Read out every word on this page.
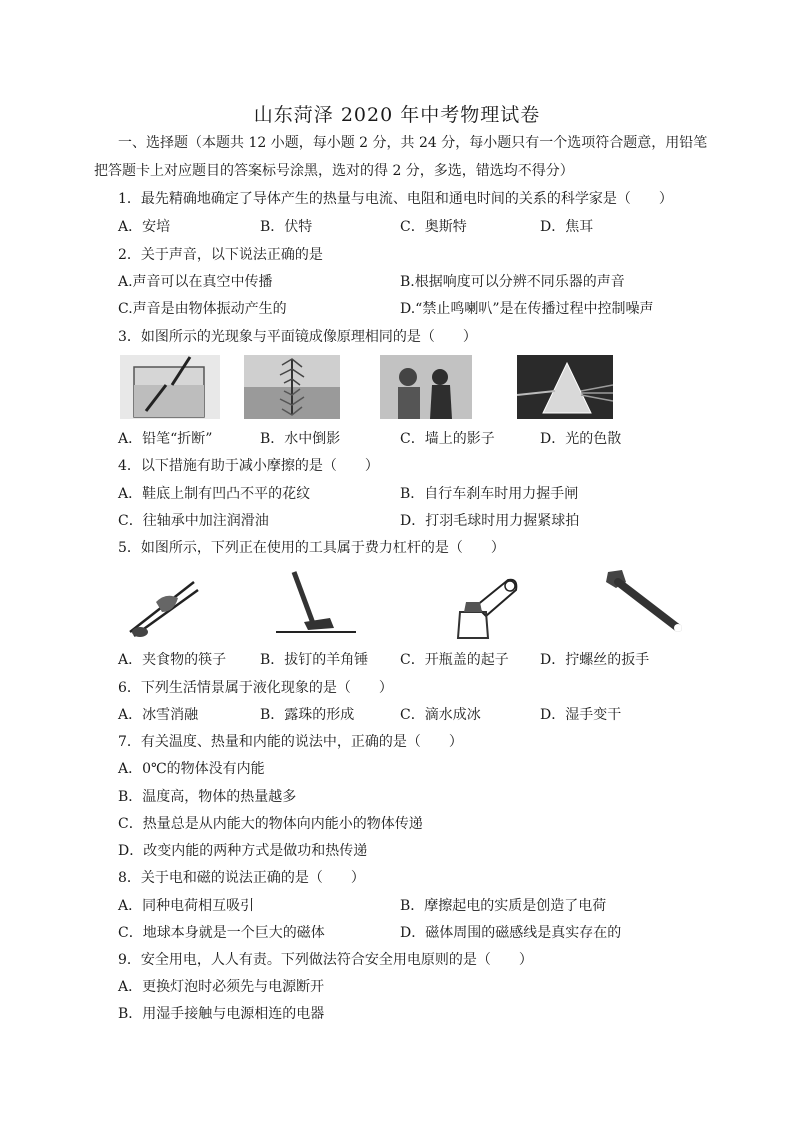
山东菏泽 2020 年中考物理试卷
一、选择题（本题共 12 小题，每小题 2 分，共 24 分，每小题只有一个选项符合题意，用铅笔
把答题卡上对应题目的答案标号涂黑，选对的得 2 分，多选，错选均不得分）
1．最先精确地确定了导体产生的热量与电流、电阻和通电时间的关系的科学家是（　　）
A．安培	B．伏特	C．奥斯特	D．焦耳
2．关于声音，以下说法正确的是
A.声音可以在真空中传播	B.根据响度可以分辨不同乐器的声音
C.声音是由物体振动产生的	D.“禁止鸣喇叭”是在传播过程中控制噪声
3．如图所示的光现象与平面镜成像原理相同的是（　　）
A．铅笔“折断”	B．水中倒影	C．墙上的影子	D．光的色散
4．以下措施有助于减小摩擦的是（　　）
A．鞋底上制有凹凸不平的花纹	B．自行车刹车时用力握手闸
C．往轴承中加注润滑油	D．打羽毛球时用力握紧球拍
5．如图所示，下列正在使用的工具属于费力杠杆的是（　　）
A．夹食物的筷子 B．拔钉的羊角锤 C．开瓶盖的起子 D．拧螺丝的扳手
6．下列生活情景属于液化现象的是（　　）
A．冰雪消融	B．露珠的形成	C．滴水成冰	D．湿手变干
7．有关温度、热量和内能的说法中，正确的是（　　）
A．0℃的物体没有内能
B．温度高，物体的热量越多
C．热量总是从内能大的物体向内能小的物体传递
D．改变内能的两种方式是做功和热传递
8．关于电和磁的说法正确的是（　　）
A．同种电荷相互吸引	B．摩擦起电的实质是创造了电荷
C．地球本身就是一个巨大的磁体	D．磁体周围的磁感线是真实存在的
9．安全用电，人人有责。下列做法符合安全用电原则的是（　　）
A．更换灯泡时必须先与电源断开
B．用湿手接触与电源相连的电器
